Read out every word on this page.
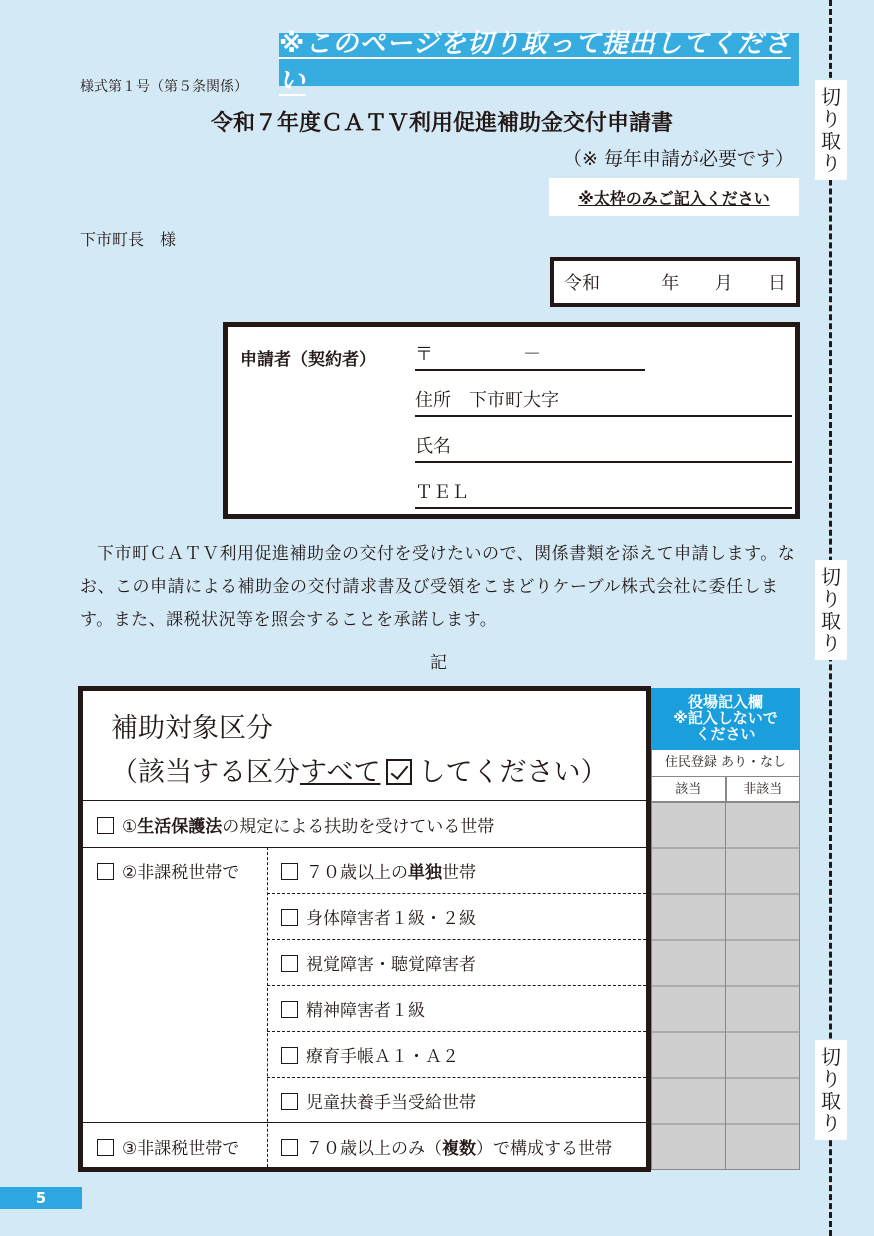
切り取り
切り取り
切り取り
※このページを切り取って提出してください
様式第１号（第５条関係）
令和７年度ＣＡＴＶ利用促進補助金交付申請書
（※ 毎年申請が必要です）
※太枠のみご記入ください
下市町長　様
令和	年 月 日
申請者（契約者） 〒　　　　　－
住所　下市町大字
氏名
ＴＥＬ
下市町ＣＡＴＶ利用促進補助金の交付を受けたいので、関係書類を添えて申請します。なお、この申請による補助金の交付請求書及び受領をこまどりケーブル株式会社に委任します。また、課税状況等を照会することを承諾します。
記
補助対象区分
（該当する区分すべて してください）
①生活保護法の規定による扶助を受けている世帯
②非課税世帯で	７０歳以上の単独世帯
身体障害者１級・２級
視覚障害・聴覚障害者
精神障害者１級
療育手帳Ａ１・Ａ２
児童扶養手当受給世帯
③非課税世帯で	７０歳以上のみ（複数）で構成する世帯
役場記入欄
※記入しないで
ください
住民登録 あり・なし
該当	非該当
5
